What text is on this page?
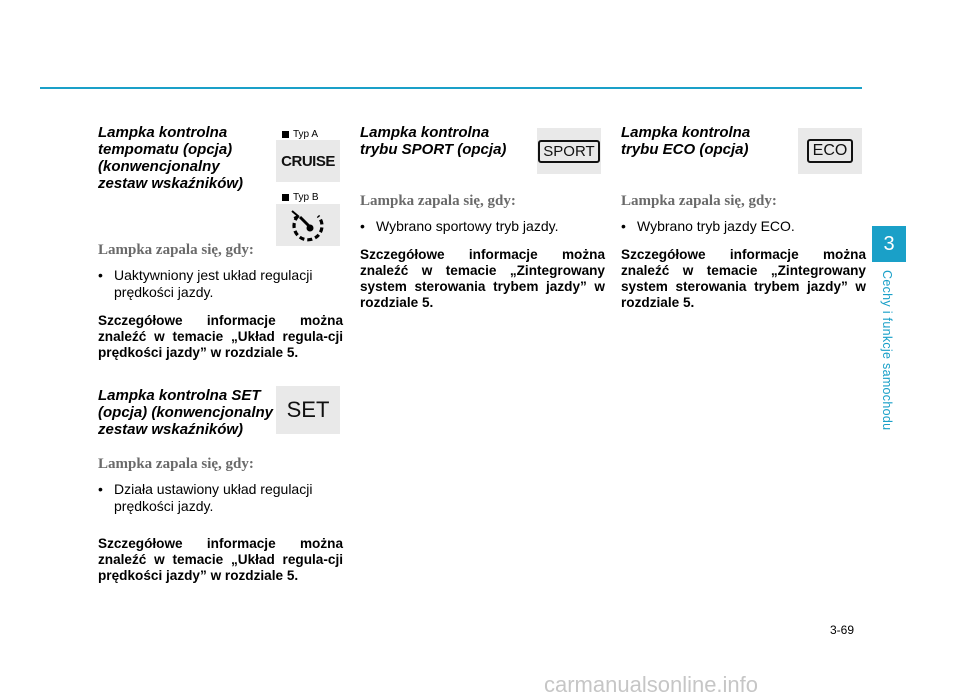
Lampka kontrolna
tempomatu (opcja)
(konwencjonalny
zestaw wskaźników)

Typ A
CRUISE
Typ B

Lampka zapala się, gdy:

• Uaktywniony jest układ regulacji prędkości jazdy.

Szczegółowe informacje można znaleźć w temacie „Układ regula-cji prędkości jazdy” w rozdziale 5.

Lampka kontrolna SET
(opcja) (konwencjonalny
zestaw wskaźników)

SET

Lampka zapala się, gdy:

• Działa ustawiony układ regulacji prędkości jazdy.

Szczegółowe informacje można znaleźć w temacie „Układ regula-cji prędkości jazdy” w rozdziale 5.

Lampka kontrolna
trybu SPORT (opcja)	SPORT

Lampka zapala się, gdy:

• Wybrano sportowy tryb jazdy.

Szczegółowe informacje można znaleźć w temacie „Zintegrowany system sterowania trybem jazdy” w rozdziale 5.

Lampka kontrolna
trybu ECO (opcja)	ECO

Lampka zapala się, gdy:

• Wybrano tryb jazdy ECO.

Szczegółowe informacje można znaleźć w temacie „Zintegrowany system sterowania trybem jazdy” w rozdziale 5.

3
Cechy i funkcje samochodu
3-69
carmanualsonline.info
